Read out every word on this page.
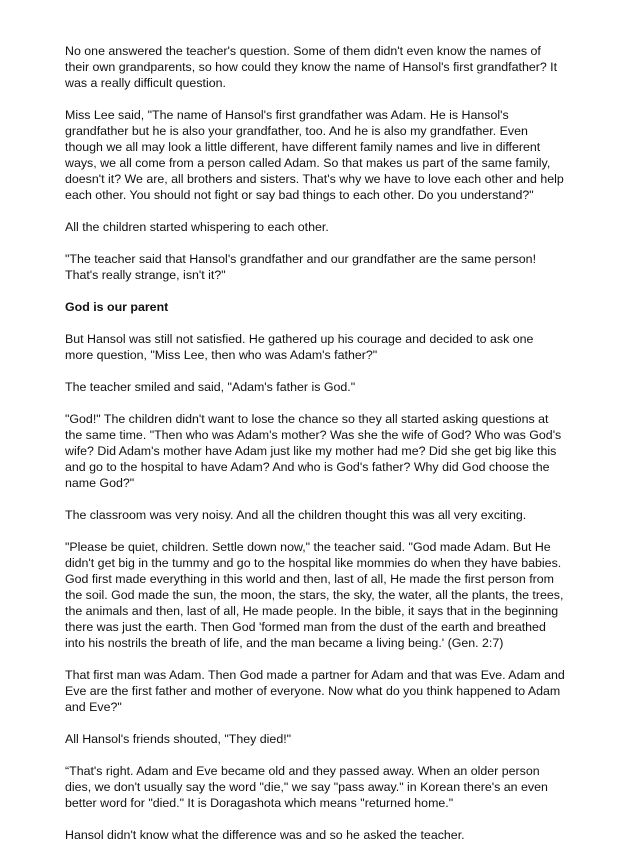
No one answered the teacher's question. Some of them didn't even know the names of their own grandparents, so how could they know the name of Hansol's first grandfather? It was a really difficult question.

Miss Lee said, "The name of Hansol's first grandfather was Adam. He is Hansol's grandfather but he is also your grandfather, too. And he is also my grandfather. Even though we all may look a little different, have different family names and live in different ways, we all come from a person called Adam. So that makes us part of the same family, doesn't it? We are, all brothers and sisters. That's why we have to love each other and help each other. You should not fight or say bad things to each other. Do you understand?"

All the children started whispering to each other.

"The teacher said that Hansol's grandfather and our grandfather are the same person! That's really strange, isn't it?"

God is our parent

But Hansol was still not satisfied. He gathered up his courage and decided to ask one more question, "Miss Lee, then who was Adam's father?"

The teacher smiled and said, "Adam's father is God."

"God!" The children didn't want to lose the chance so they all started asking questions at the same time. "Then who was Adam's mother? Was she the wife of God? Who was God's wife? Did Adam's mother have Adam just like my mother had me? Did she get big like this and go to the hospital to have Adam? And who is God's father? Why did God choose the name God?"

The classroom was very noisy. And all the children thought this was all very exciting.

"Please be quiet, children. Settle down now," the teacher said. "God made Adam. But He didn't get big in the tummy and go to the hospital like mommies do when they have babies. God first made everything in this world and then, last of all, He made the first person from the soil. God made the sun, the moon, the stars, the sky, the water, all the plants, the trees, the animals and then, last of all, He made people. In the bible, it says that in the beginning there was just the earth. Then God 'formed man from the dust of the earth and breathed into his nostrils the breath of life, and the man became a living being.' (Gen. 2:7)

That first man was Adam. Then God made a partner for Adam and that was Eve. Adam and Eve are the first father and mother of everyone. Now what do you think happened to Adam and Eve?"

All Hansol's friends shouted, "They died!"

“That's right. Adam and Eve became old and they passed away. When an older person dies, we don't usually say the word "die," we say "pass away." in Korean there's an even better word for "died." It is Doragashota which means "returned home."

Hansol didn't know what the difference was and so he asked the teacher.
